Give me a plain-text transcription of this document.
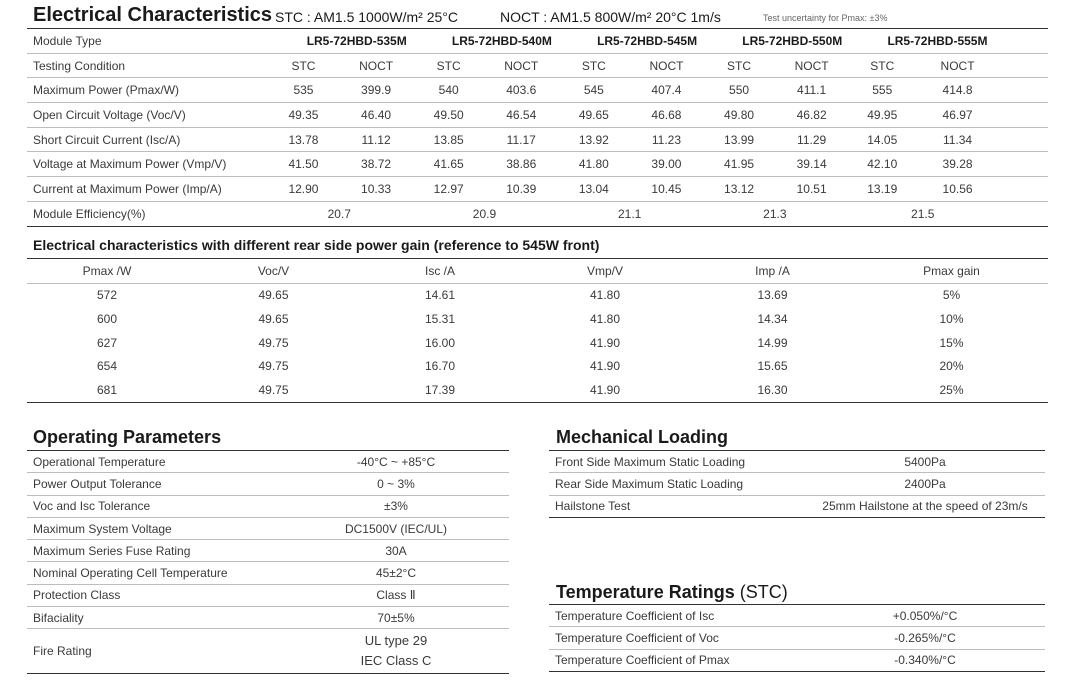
Electrical Characteristics STC : AM1.5 1000W/m² 25°C	NOCT : AM1.5 800W/m² 20°C 1m/s	Test uncertainty for Pmax: ±3%
Module Type	LR5-72HBD-535M		LR5-72HBD-540M		LR5-72HBD-545M		LR5-72HBD-550M		LR5-72HBD-555M	
Testing Condition	STC	NOCT	STC	NOCT	STC	NOCT	STC	NOCT	STC	NOCT
Maximum Power (Pmax/W)	535	399.9	540	403.6	545	407.4	550	411.1	555	414.8
Open Circuit Voltage (Voc/V)	49.35	46.40	49.50	46.54	49.65	46.68	49.80	46.82	49.95	46.97
Short Circuit Current (Isc/A)	13.78	11.12	13.85	11.17	13.92	11.23	13.99	11.29	14.05	11.34
Voltage at Maximum Power (Vmp/V)	41.50	38.72	41.65	38.86	41.80	39.00	41.95	39.14	42.10	39.28
Current at Maximum Power (Imp/A)	12.90	10.33	12.97	10.39	13.04	10.45	13.12	10.51	13.19	10.56
Module Efficiency(%)	20.7		20.9		21.1		21.3		21.5	
Electrical characteristics with different rear side power gain (reference to 545W front)
Pmax /W	Voc/V	Isc /A	Vmp/V	Imp /A	Pmax gain
572	49.65	14.61	41.80	13.69	5%
600	49.65	15.31	41.80	14.34	10%
627	49.75	16.00	41.90	14.99	15%
654	49.75	16.70	41.90	15.65	20%
681	49.75	17.39	41.90	16.30	25%
Operating Parameters
Operational Temperature	-40°C ~ +85°C
Power Output Tolerance	0 ~ 3%
Voc and Isc Tolerance	±3%
Maximum System Voltage	DC1500V (IEC/UL)
Maximum Series Fuse Rating	30A
Nominal Operating Cell Temperature	45±2°C
Protection Class	Class Ⅱ
Bifaciality	70±5%
Fire Rating	UL type 29
IEC Class C
Mechanical Loading
Front Side Maximum Static Loading	5400Pa
Rear Side Maximum Static Loading	2400Pa
Hailstone Test	25mm Hailstone at the speed of 23m/s
Temperature Ratings (STC)
Temperature Coefficient of Isc	+0.050%/°C
Temperature Coefficient of Voc	-0.265%/°C
Temperature Coefficient of Pmax	-0.340%/°C
